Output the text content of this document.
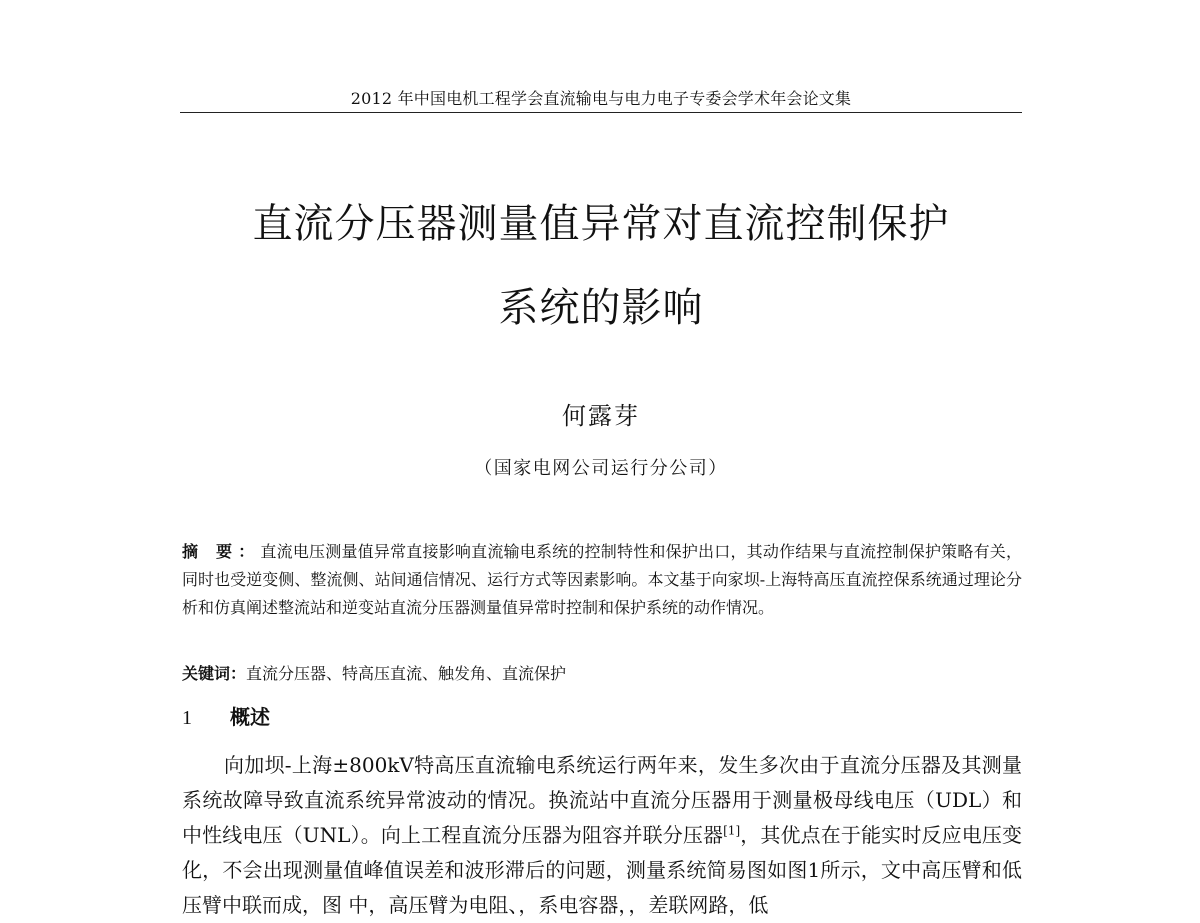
2012 年中国电机工程学会直流输电与电力电子专委会学术年会论文集
直流分压器测量值异常对直流控制保护
系统的影响
何露芽
（国家电网公司运行分公司）
摘 要：直流电压测量值异常直接影响直流输电系统的控制特性和保护出口，其动作结果与直流控制保护策略有关，同时也受逆变侧、整流侧、站间通信情况、运行方式等因素影响。本文基于向家坝-上海特高压直流控保系统通过理论分析和仿真阐述整流站和逆变站直流分压器测量值异常时控制和保护系统的动作情况。
关键词：直流分压器、特高压直流、触发角、直流保护
1 概述
向加坝-上海±800kV特高压直流输电系统运行两年来，发生多次由于直流分压器及其测量系统故障导致直流系统异常波动的情况。换流站中直流分压器用于测量极母线电压（UDL）和中性线电压（UNL）。向上工程直流分压器为阻容并联分压器[1]，其优点在于能实时反应电压变化，不会出现测量值峰值误差和波形滞后的问题，测量系统简易图如图1所示，文中高压臂和低压臂中联而成，图 中，高压臂为电阻、，系电容器，，差联网路，低
